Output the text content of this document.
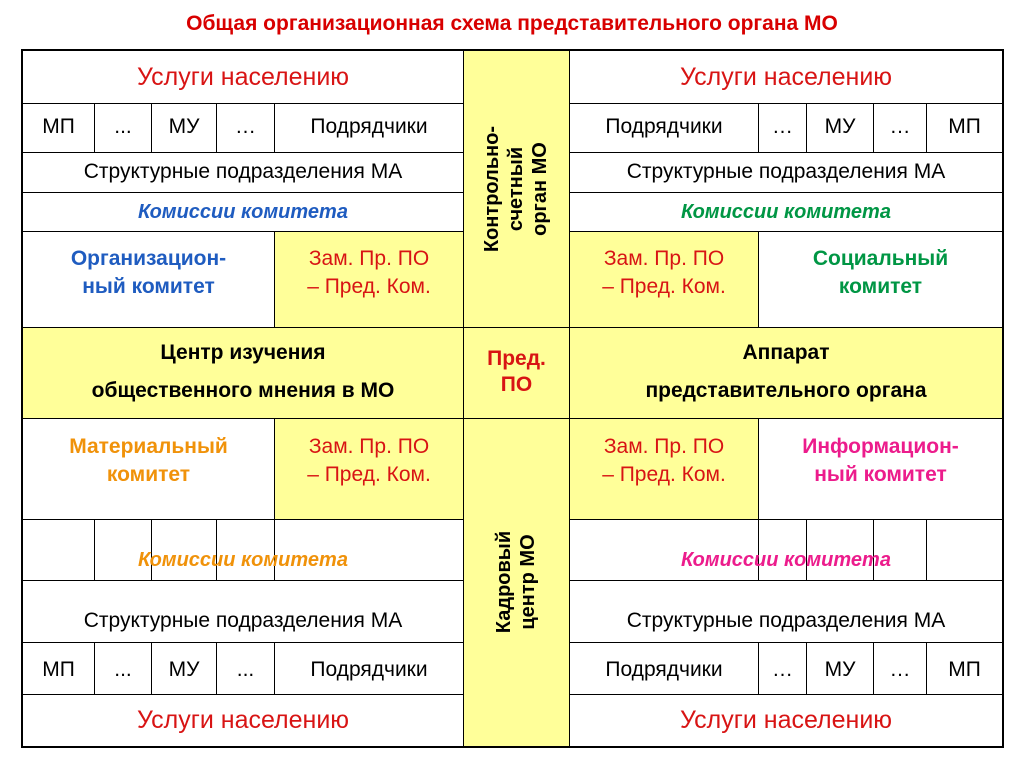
Общая организационная схема представительного органа МО
Услуги населению
МП	...	МУ	…	Подрядчики
Структурные подразделения МА
Комиссии комитета
Организацион-
ный комитет
Зам. Пр. ПО
– Пред. Ком.
Услуги населению
Подрядчики	…	МУ	…	МП
Структурные подразделения МА
Комиссии комитета
Зам. Пр. ПО
– Пред. Ком.
Социальный
комитет
Контрольно- счетный орган МО
Пред.
ПО
Кадровый центр МО
Центр изучения
общественного мнения в МО
Аппарат
представительного органа
Материальный
комитет
Зам. Пр. ПО
– Пред. Ком.
Комиссии комитета
Структурные подразделения МА
МП	...	МУ	...	Подрядчики
Услуги населению
Зам. Пр. ПО
– Пред. Ком.
Информацион-
ный комитет
Комиссии комитета
Структурные подразделения МА
Подрядчики	…	МУ	…	МП
Услуги населению
